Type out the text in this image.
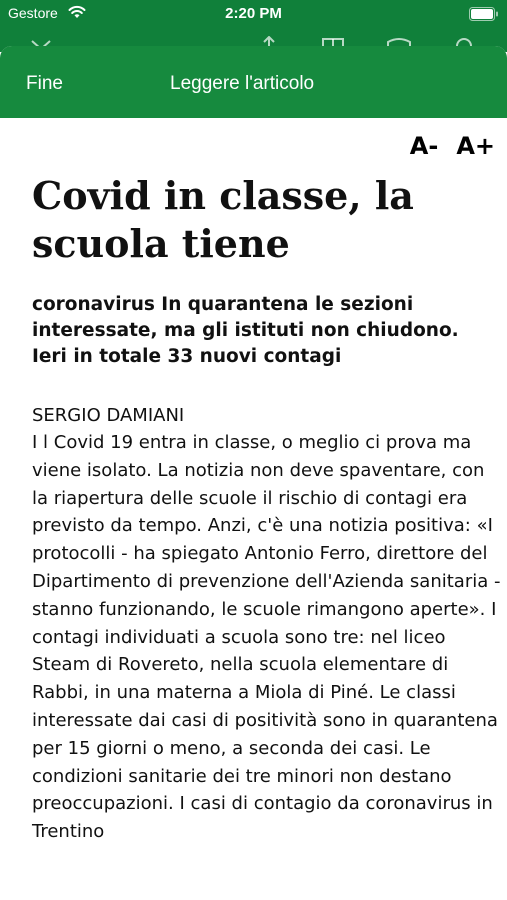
Gestore	2:20 PM
Fine	Leggere l'articolo
A- A+
Covid in classe, la scuola tiene

coronavirus In quarantena le sezioni interessate, ma gli istituti non chiudono. Ieri in totale 33 nuovi contagi

SERGIO DAMIANI

I l Covid 19 entra in classe, o meglio ci prova ma viene isolato. La notizia non deve spaventare, con la riapertura delle scuole il rischio di contagi era previsto da tempo. Anzi, c'è una notizia positiva: «I protocolli - ha spiegato Antonio Ferro, direttore del Dipartimento di prevenzione dell'Azienda sanitaria - stanno funzionando, le scuole rimangono aperte». I contagi individuati a scuola sono tre: nel liceo Steam di Rovereto, nella scuola elementare di Rabbi, in una materna a Miola di Piné. Le classi interessate dai casi di positività sono in quarantena per 15 giorni o meno, a seconda dei casi. Le condizioni sanitarie dei tre minori non destano preoccupazioni. I casi di contagio da coronavirus in Trentino
